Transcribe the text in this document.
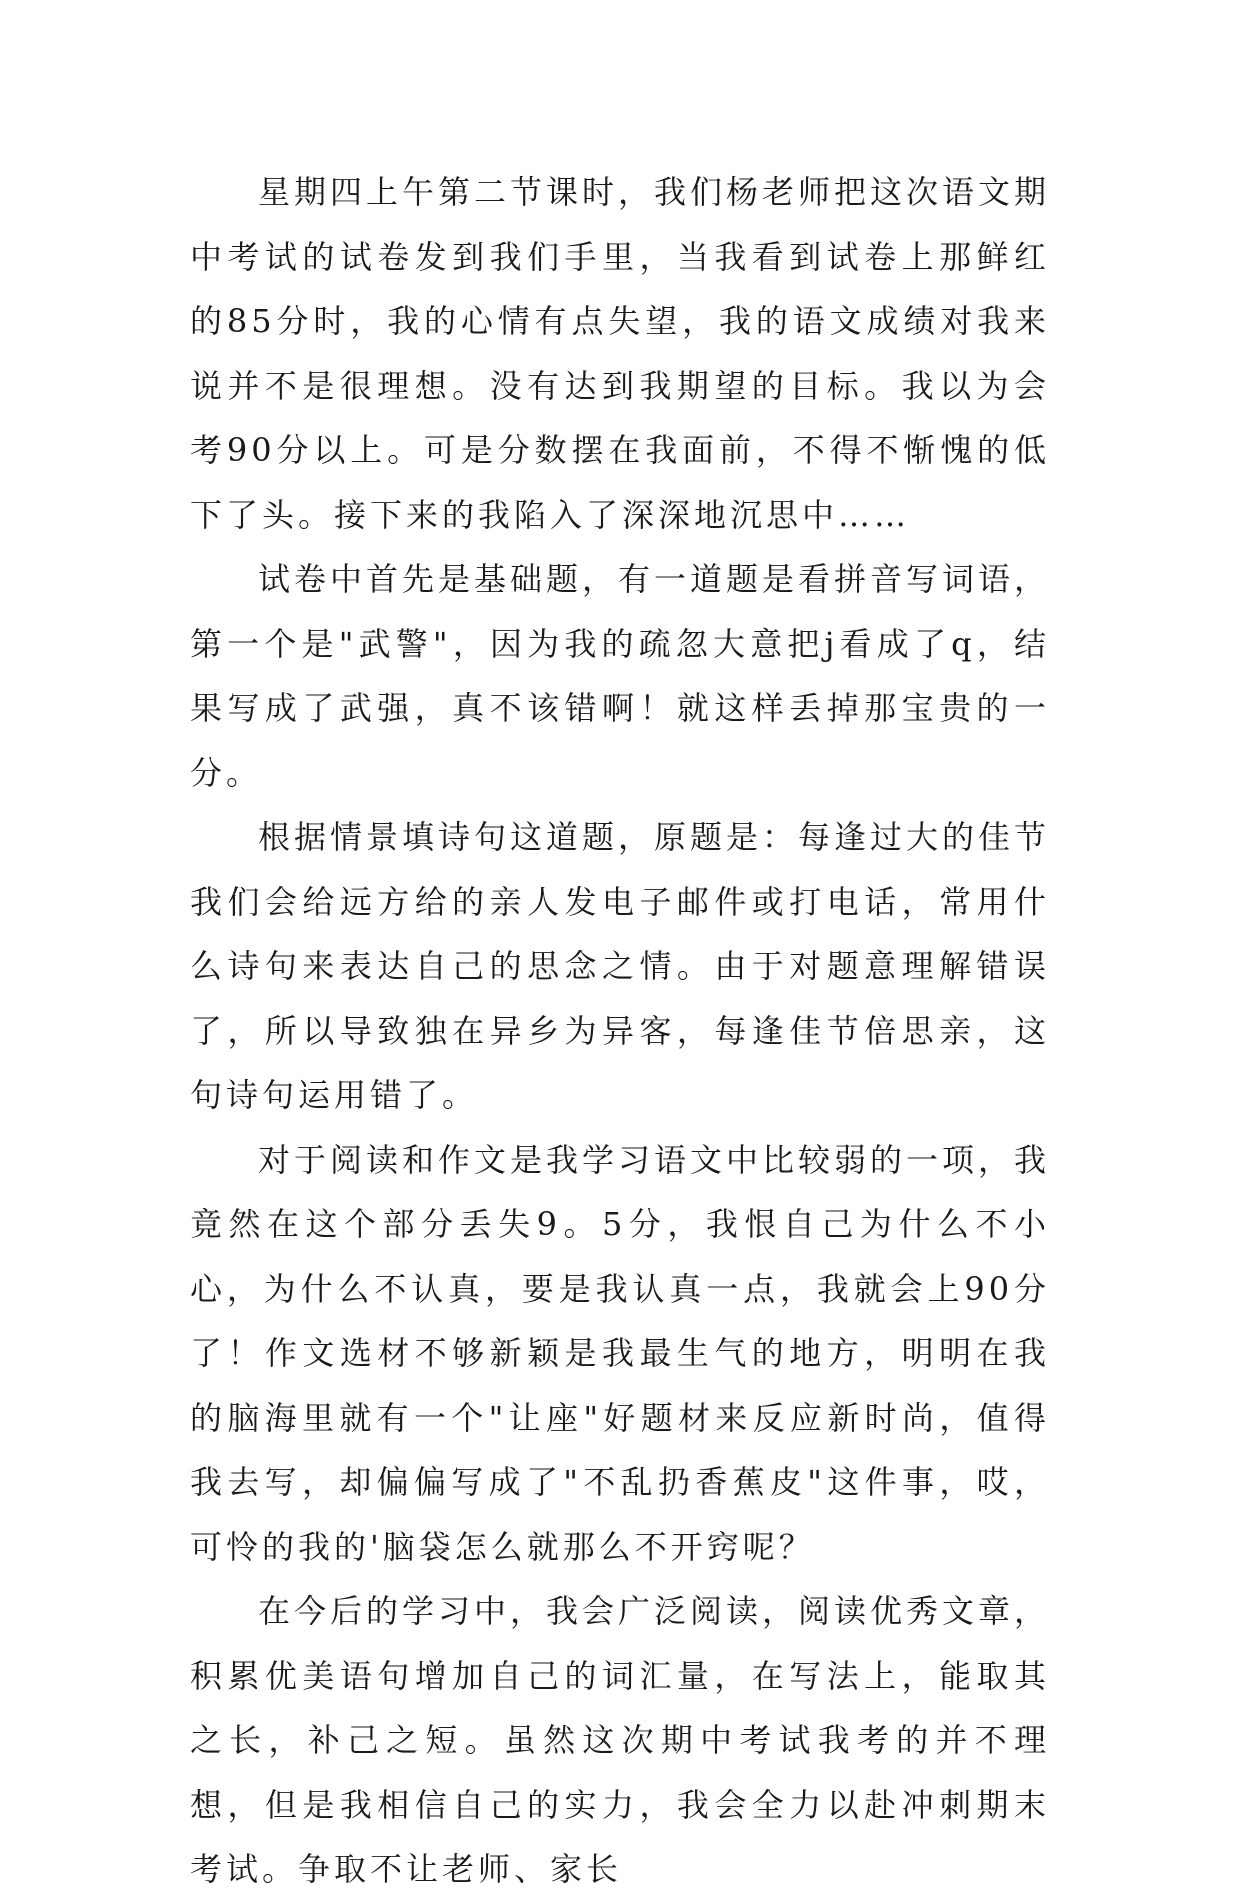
星期四上午第二节课时，我们杨老师把这次语文期中考试的试卷发到我们手里，当我看到试卷上那鲜红的85分时，我的心情有点失望，我的语文成绩对我来说并不是很理想。没有达到我期望的目标。我以为会考90分以上。可是分数摆在我面前，不得不惭愧的低下了头。接下来的我陷入了深深地沉思中……

试卷中首先是基础题，有一道题是看拼音写词语，第一个是"武警"，因为我的疏忽大意把j看成了q，结果写成了武强，真不该错啊！就这样丢掉那宝贵的一分。

根据情景填诗句这道题，原题是：每逢过大的佳节我们会给远方给的亲人发电子邮件或打电话，常用什么诗句来表达自己的思念之情。由于对题意理解错误了，所以导致独在异乡为异客，每逢佳节倍思亲，这句诗句运用错了。

对于阅读和作文是我学习语文中比较弱的一项，我竟然在这个部分丢失9。5分，我恨自己为什么不小心，为什么不认真，要是我认真一点，我就会上90分了！作文选材不够新颖是我最生气的地方，明明在我的脑海里就有一个"让座"好题材来反应新时尚，值得我去写，却偏偏写成了"不乱扔香蕉皮"这件事，哎，可怜的我的'脑袋怎么就那么不开窍呢？

在今后的学习中，我会广泛阅读，阅读优秀文章，积累优美语句增加自己的词汇量，在写法上，能取其之长，补己之短。虽然这次期中考试我考的并不理想，但是我相信自己的实力，我会全力以赴冲刺期末考试。争取不让老师、家长
